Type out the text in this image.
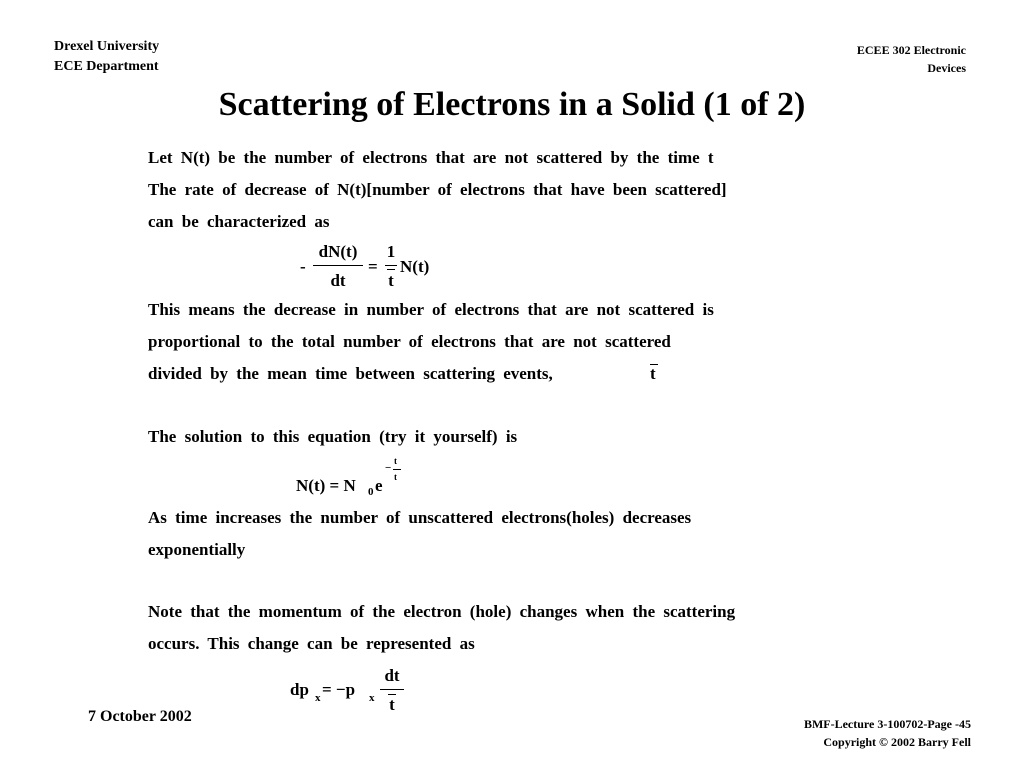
Drexel University
ECE Department
ECEE 302 Electronic
Devices
Scattering of Electrons in a Solid (1 of 2)
Let N(t) be the number of electrons that are not scattered by the time t
The rate of decrease of N(t)[number of electrons that have been scattered]
can be characterized as
-
dN(t)
dt
=
1
t
N(t)
This means the decrease in number of electrons that are not scattered is
proportional to the total number of electrons that are not scattered
divided by the mean time between scattering events,	t
The solution to this equation (try it yourself) is
N(t) = N 0 e
−
t
t
As time increases the number of unscattered electrons(holes) decreases
exponentially
Note that the momentum of the electron (hole) changes when the scattering
occurs. This change can be represented as
dp x = −p x
dt
t
7 October 2002	BMF-Lecture 3-100702-Page -45
Copyright © 2002 Barry Fell
